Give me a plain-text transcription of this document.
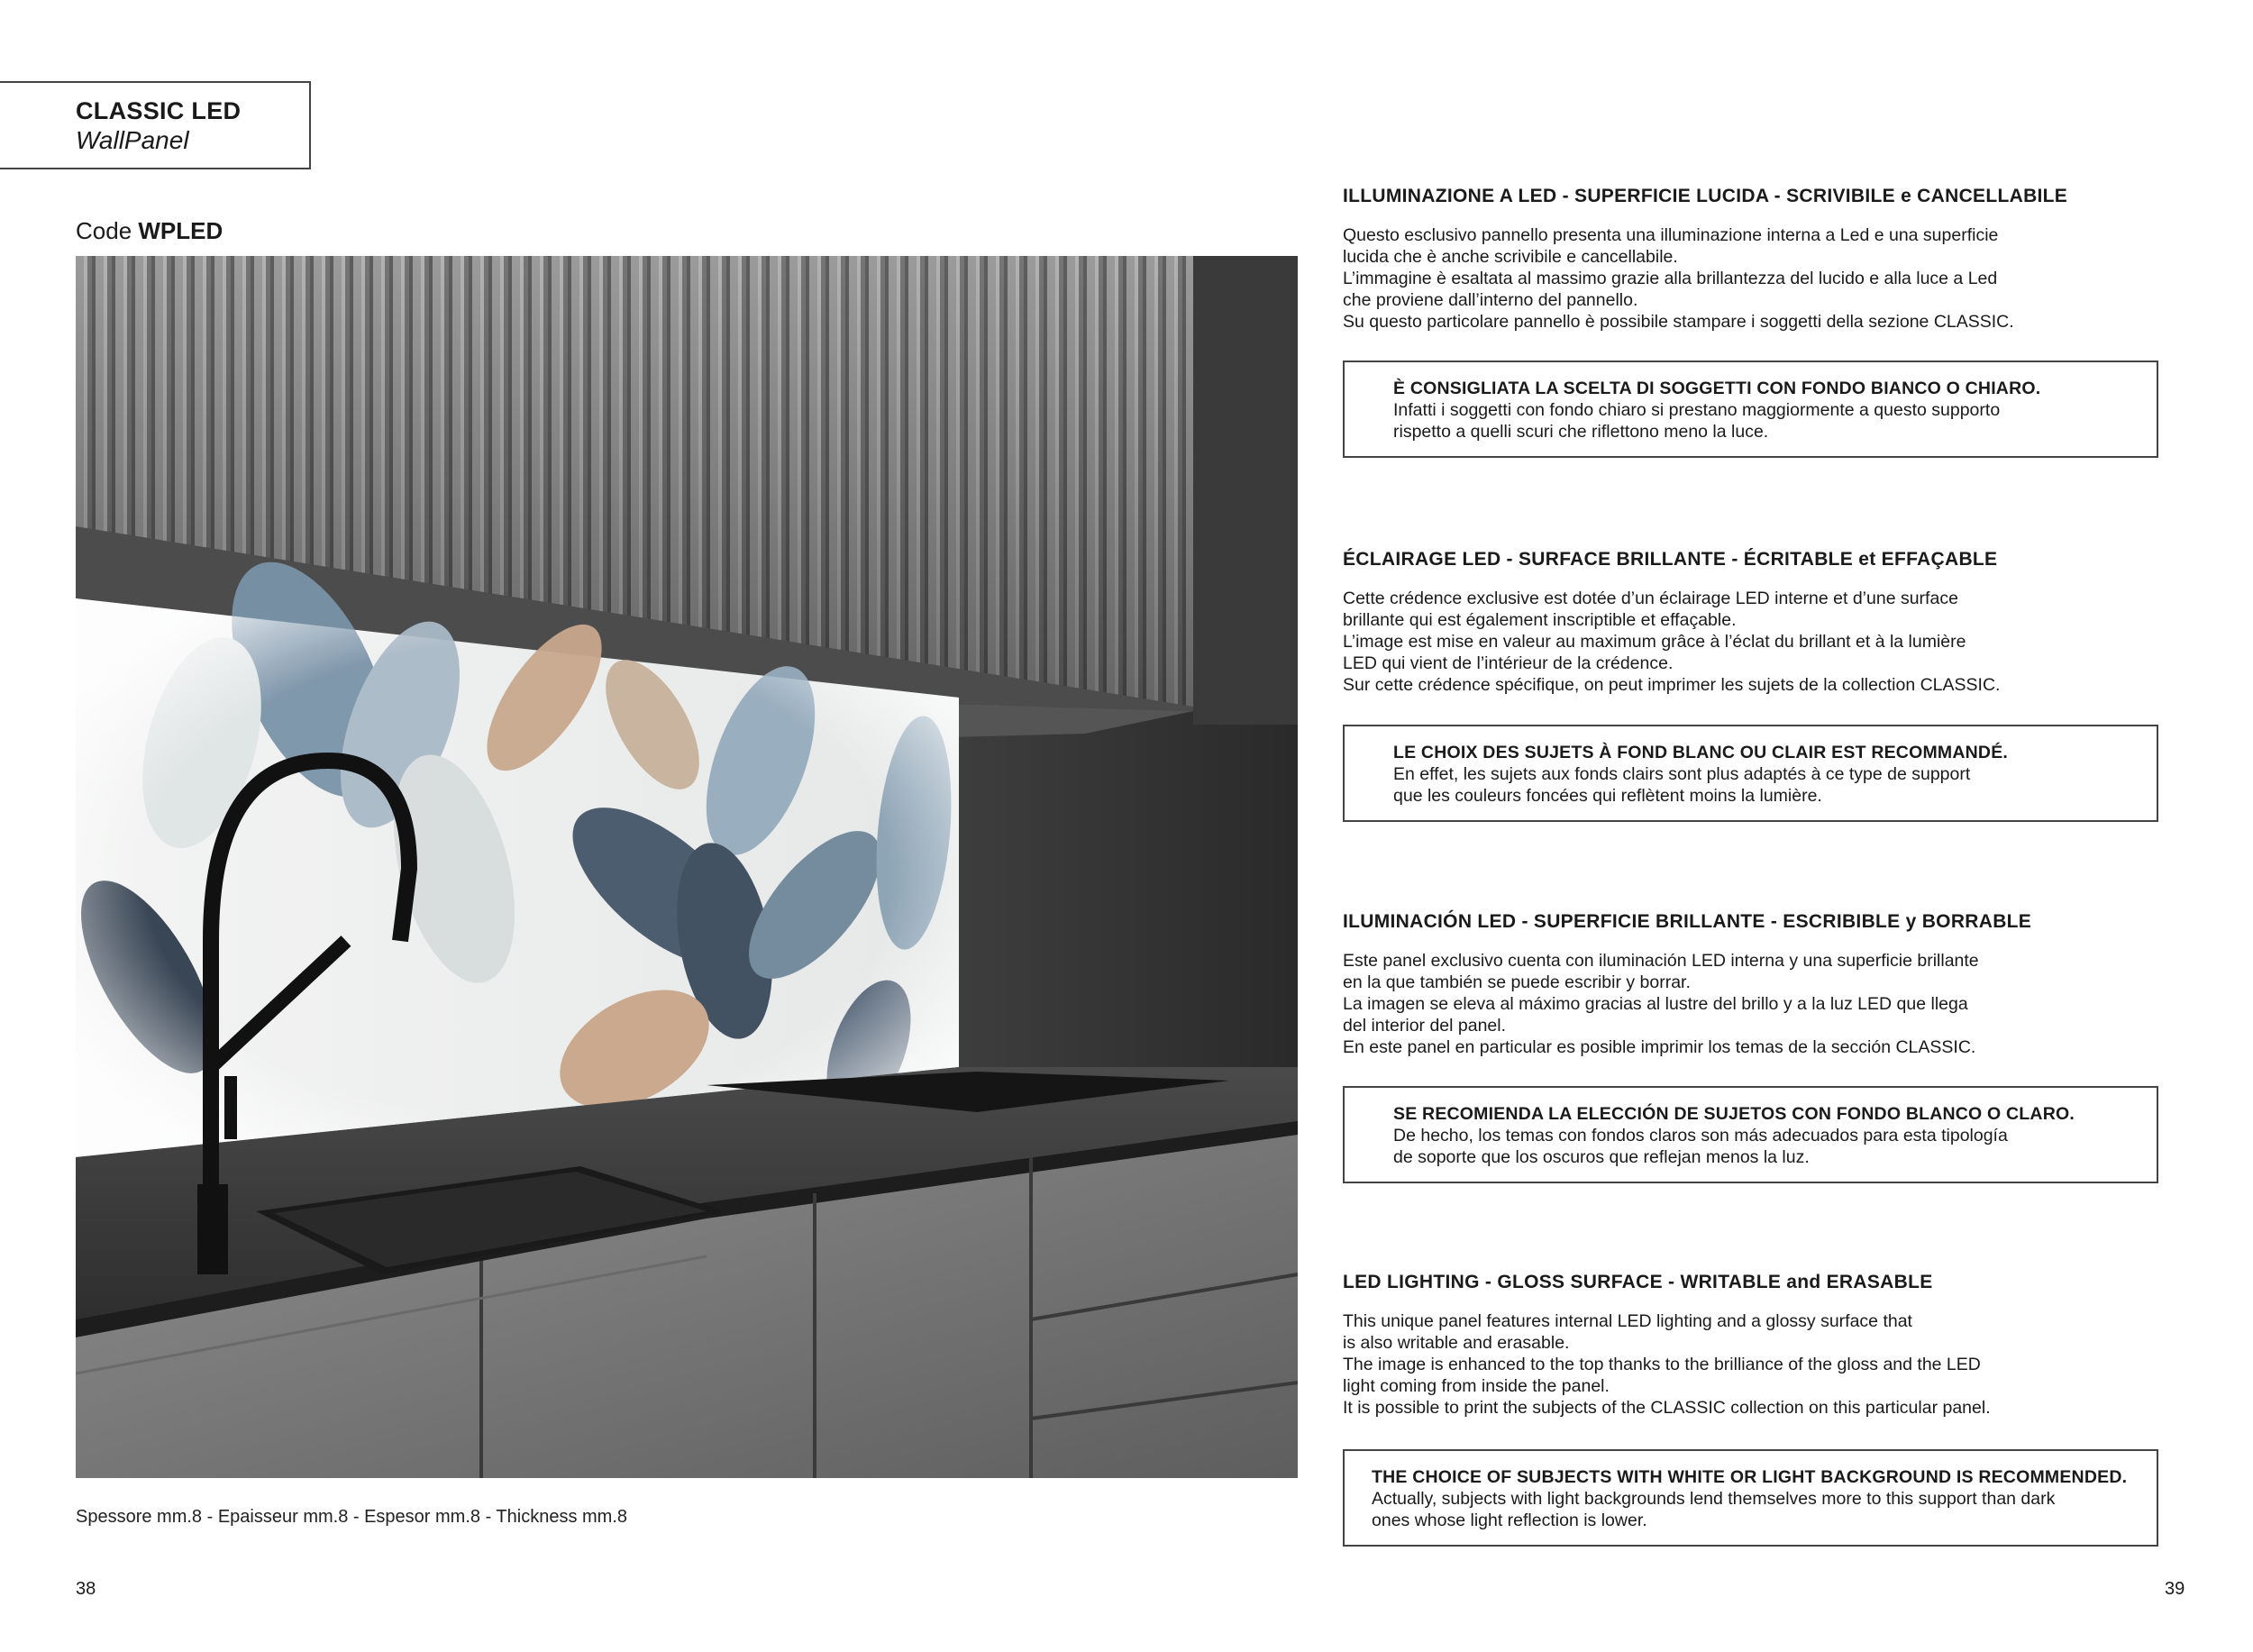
CLASSIC LED
WallPanel
Code WPLED
Spessore mm.8 - Epaisseur mm.8 - Espesor mm.8 - Thickness mm.8
38	39
ILLUMINAZIONE A LED - SUPERFICIE LUCIDA - SCRIVIBILE e CANCELLABILE

Questo esclusivo pannello presenta una illuminazione interna a Led e una superficie
lucida che è anche scrivibile e cancellabile.
L’immagine è esaltata al massimo grazie alla brillantezza del lucido e alla luce a Led
che proviene dall’interno del pannello.
Su questo particolare pannello è possibile stampare i soggetti della sezione CLASSIC.

È CONSIGLIATA LA SCELTA DI SOGGETTI CON FONDO BIANCO O CHIARO.
Infatti i soggetti con fondo chiaro si prestano maggiormente a questo supporto
rispetto a quelli scuri che riflettono meno la luce.
ÉCLAIRAGE LED - SURFACE BRILLANTE - ÉCRITABLE et EFFAÇABLE

Cette crédence exclusive est dotée d’un éclairage LED interne et d’une surface
brillante qui est également inscriptible et effaçable.
L’image est mise en valeur au maximum grâce à l’éclat du brillant et à la lumière
LED qui vient de l’intérieur de la crédence.
Sur cette crédence spécifique, on peut imprimer les sujets de la collection CLASSIC.

LE CHOIX DES SUJETS À FOND BLANC OU CLAIR EST RECOMMANDÉ.
En effet, les sujets aux fonds clairs sont plus adaptés à ce type de support
que les couleurs foncées qui reflètent moins la lumière.
ILUMINACIÓN LED - SUPERFICIE BRILLANTE - ESCRIBIBLE y BORRABLE

Este panel exclusivo cuenta con iluminación LED interna y una superficie brillante
en la que también se puede escribir y borrar.
La imagen se eleva al máximo gracias al lustre del brillo y a la luz LED que llega
del interior del panel.
En este panel en particular es posible imprimir los temas de la sección CLASSIC.

SE RECOMIENDA LA ELECCIÓN DE SUJETOS CON FONDO BLANCO O CLARO.
De hecho, los temas con fondos claros son más adecuados para esta tipología
de soporte que los oscuros que reflejan menos la luz.
LED LIGHTING - GLOSS SURFACE - WRITABLE and ERASABLE

This unique panel features internal LED lighting and a glossy surface that
is also writable and erasable.
The image is enhanced to the top thanks to the brilliance of the gloss and the LED
light coming from inside the panel.
It is possible to print the subjects of the CLASSIC collection on this particular panel.

THE CHOICE OF SUBJECTS WITH WHITE OR LIGHT BACKGROUND IS RECOMMENDED.
Actually, subjects with light backgrounds lend themselves more to this support than dark
ones whose light reflection is lower.
